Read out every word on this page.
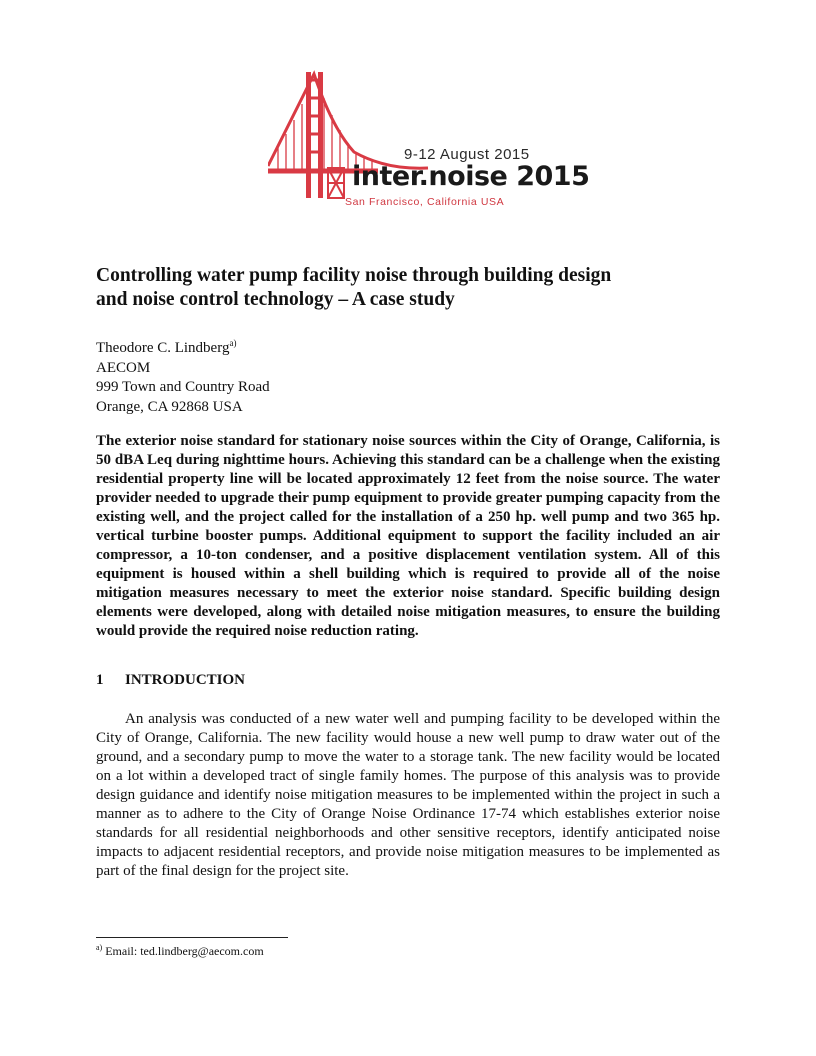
9-12 August 2015
inter.noise 2015
San Francisco, California USA
Controlling water pump facility noise through building design
and noise control technology – A case study
Theodore C. Lindberg$^{a)}$
AECOM
999 Town and Country Road
Orange, CA 92868 USA

The exterior noise standard for stationary noise sources within the City of Orange, California, is 50 dBA Leq during nighttime hours. Achieving this standard can be a challenge when the existing residential property line will be located approximately 12 feet from the noise source. The water provider needed to upgrade their pump equipment to provide greater pumping capacity from the existing well, and the project called for the installation of a 250 hp. well pump and two 365 hp. vertical turbine booster pumps. Additional equipment to support the facility included an air compressor, a 10-ton condenser, and a positive displacement ventilation system. All of this equipment is housed within a shell building which is required to provide all of the noise mitigation measures necessary to meet the exterior noise standard. Specific building design elements were developed, along with detailed noise mitigation measures, to ensure the building would provide the required noise reduction rating.

1 INTRODUCTION

An analysis was conducted of a new water well and pumping facility to be developed within the City of Orange, California. The new facility would house a new well pump to draw water out of the ground, and a secondary pump to move the water to a storage tank. The new facility would be located on a lot within a developed tract of single family homes. The purpose of this analysis was to provide design guidance and identify noise mitigation measures to be implemented within the project in such a manner as to adhere to the City of Orange Noise Ordinance 17-74 which establishes exterior noise standards for all residential neighborhoods and other sensitive receptors, identify anticipated noise impacts to adjacent residential receptors, and provide noise mitigation measures to be implemented as part of the final design for the project site.

$^{a)}$ Email: ted.lindberg@aecom.com
